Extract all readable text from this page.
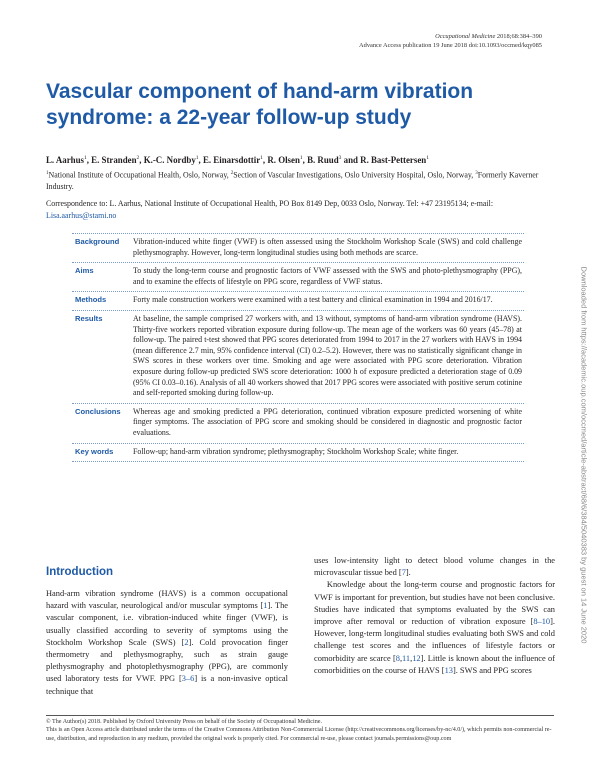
Occupational Medicine 2018;68:384–390
Advance Access publication 19 June 2018 doi:10.1093/occmed/kqy085
Vascular component of hand-arm vibration syndrome: a 22-year follow-up study
L. Aarhus$^1$, E. Stranden$^2$, K.-C. Nordby$^1$, E. Einarsdottir$^1$, R. Olsen$^1$, B. Ruud$^3$ and R. Bast-Pettersen$^1$
$^1$National Institute of Occupational Health, Oslo, Norway, $^2$Section of Vascular Investigations, Oslo University Hospital, Oslo, Norway, $^3$Formerly Kaverner Industry.
Correspondence to: L. Aarhus, National Institute of Occupational Health, PO Box 8149 Dep, 0033 Oslo, Norway. Tel: +47 23195134; e-mail: Lisa.aarhus@stami.no
Background	Vibration-induced white finger (VWF) is often assessed using the Stockholm Workshop Scale (SWS) and cold challenge plethysmography. However, long-term longitudinal studies using both methods are scarce.
Aims	To study the long-term course and prognostic factors of VWF assessed with the SWS and photo-plethysmography (PPG), and to examine the effects of lifestyle on PPG score, regardless of VWF status.
Methods	Forty male construction workers were examined with a test battery and clinical examination in 1994 and 2016/17.
Results	At baseline, the sample comprised 27 workers with, and 13 without, symptoms of hand-arm vibration syndrome (HAVS). Thirty-five workers reported vibration exposure during follow-up. The mean age of the workers was 60 years (45–78) at follow-up. The paired t-test showed that PPG scores deteriorated from 1994 to 2017 in the 27 workers with HAVS in 1994 (mean difference 2.7 min, 95% confidence interval (CI) 0.2–5.2). However, there was no statistically significant change in SWS scores in these workers over time. Smoking and age were associated with PPG score deterioration. Vibration exposure during follow-up predicted SWS score deterioration: 1000 h of exposure predicted a deterioration stage of 0.09 (95% CI 0.03–0.16). Analysis of all 40 workers showed that 2017 PPG scores were associated with positive serum cotinine and self-reported smoking during follow-up.
Conclusions	Whereas age and smoking predicted a PPG deterioration, continued vibration exposure predicted worsening of white finger symptoms. The association of PPG score and smoking should be considered in diagnostic and prognostic factor evaluations.
Key words	Follow-up; hand-arm vibration syndrome; plethysmography; Stockholm Workshop Scale; white finger.
Introduction
Hand-arm vibration syndrome (HAVS) is a common occupational hazard with vascular, neurological and/or muscular symptoms [1]. The vascular component, i.e. vibration-induced white finger (VWF), is usually classified according to severity of symptoms using the Stockholm Workshop Scale (SWS) [2]. Cold provocation finger thermometry and plethysmography, such as strain gauge plethysmography and photoplethysmography (PPG), are commonly used laboratory tests for VWF. PPG [3–6] is a non-invasive optical technique that
uses low-intensity light to detect blood volume changes in the microvascular tissue bed [7].
Knowledge about the long-term course and prognostic factors for VWF is important for prevention, but studies have not been conclusive. Studies have indicated that symptoms evaluated by the SWS can improve after removal or reduction of vibration exposure [8–10]. However, long-term longitudinal studies evaluating both SWS and cold challenge test scores and the influences of lifestyle factors or comorbidity are scarce [8,11,12]. Little is known about the influence of comorbidities on the course of HAVS [13]. SWS and PPG scores
© The Author(s) 2018. Published by Oxford University Press on behalf of the Society of Occupational Medicine.
This is an Open Access article distributed under the terms of the Creative Commons Attribution Non-Commercial License (http://creativecommons.org/licenses/by-nc/4.0/), which permits non-commercial re-use, distribution, and reproduction in any medium, provided the original work is properly cited. For commercial re-use, please contact journals.permissions@oup.com
Downloaded from https://academic.oup.com/occmed/article-abstract/68/6/384/5040383 by guest on 14 June 2020
